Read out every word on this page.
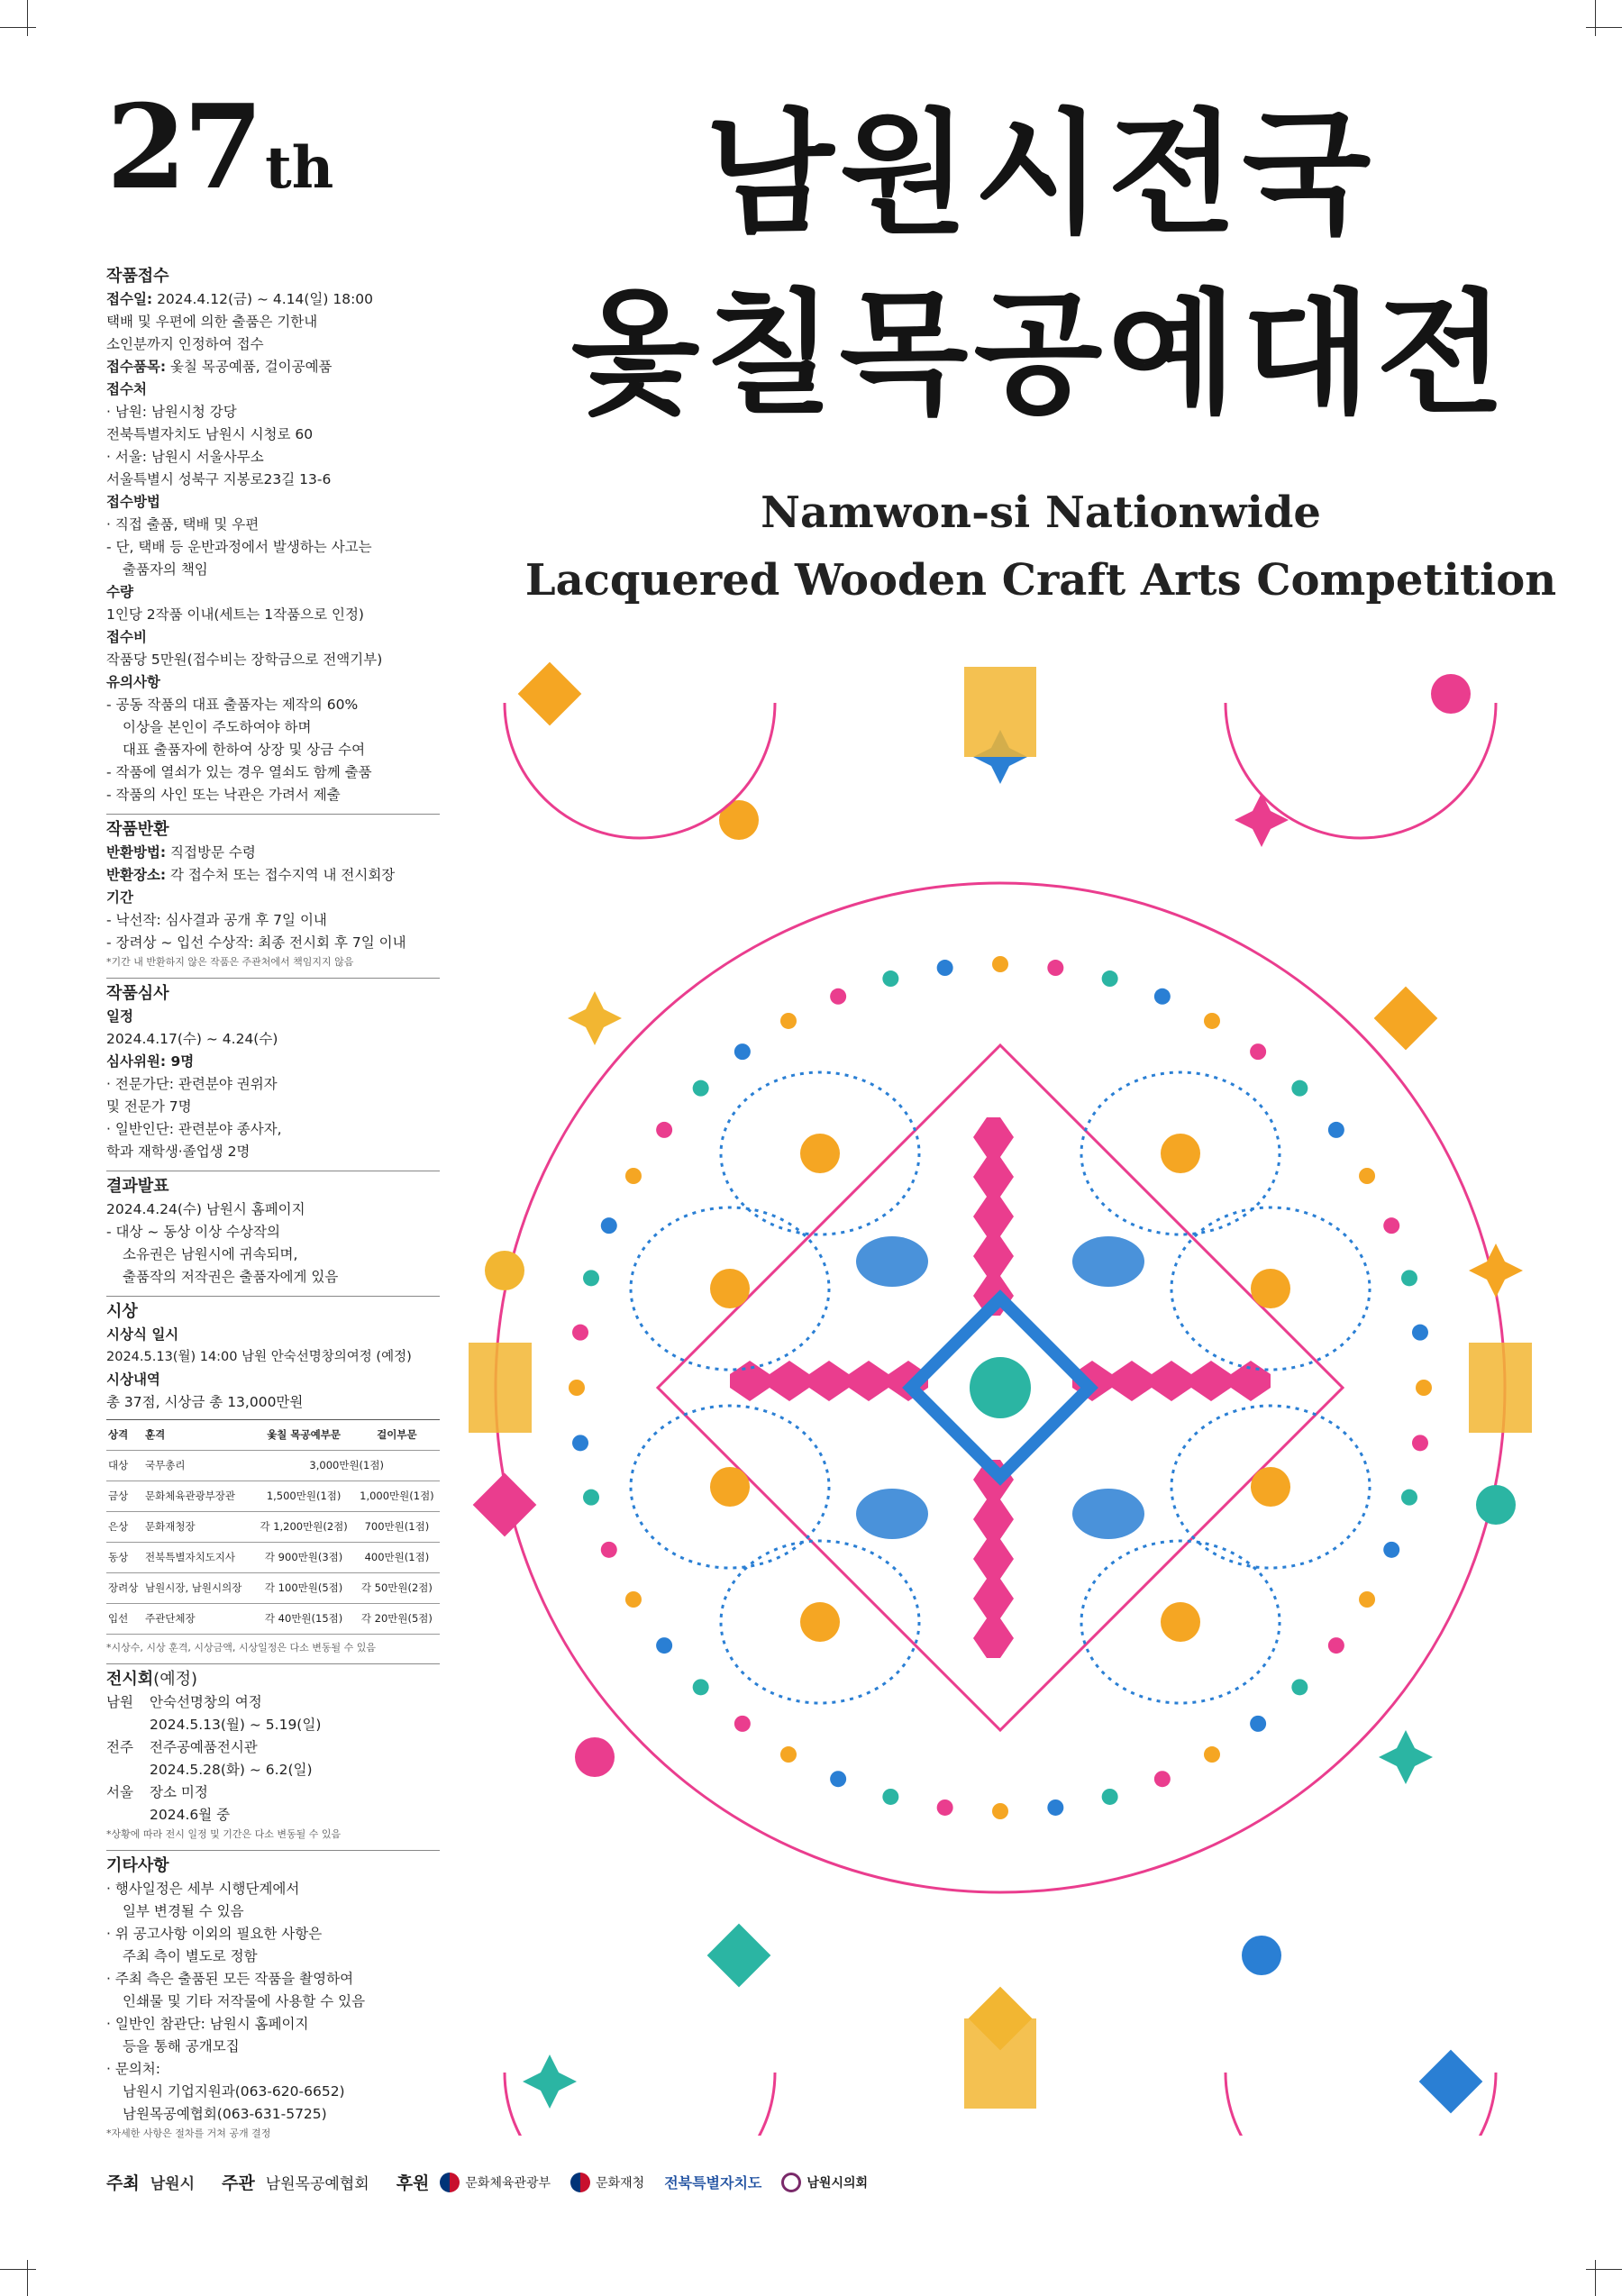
27th	남원시전국
옻칠목공예대전
Namwon-si Nationwide
Lacquered Wooden Craft Arts Competition
작품접수
접수일: 2024.4.12(금) ~ 4.14(일) 18:00
택배 및 우편에 의한 출품은 기한내
소인분까지 인정하여 접수
접수품목: 옻칠 목공예품, 걸이공예품
접수처
· 남원: 남원시청 강당
전북특별자치도 남원시 시청로 60
· 서울: 남원시 서울사무소
서울특별시 성북구 지봉로23길 13-6
접수방법
· 직접 출품, 택배 및 우편
- 단, 택배 등 운반과정에서 발생하는 사고는
출품자의 책임
수량
1인당 2작품 이내(세트는 1작품으로 인정)
접수비
작품당 5만원(접수비는 장학금으로 전액기부)
유의사항
- 공동 작품의 대표 출품자는 제작의 60%
이상을 본인이 주도하여야 하며
대표 출품자에 한하여 상장 및 상금 수여
- 작품에 열쇠가 있는 경우 열쇠도 함께 출품
- 작품의 사인 또는 낙관은 가려서 제출
작품반환
반환방법: 직접방문 수령
반환장소: 각 접수처 또는 접수지역 내 전시회장
기간
- 낙선작: 심사결과 공개 후 7일 이내
- 장려상 ~ 입선 수상작: 최종 전시회 후 7일 이내
*기간 내 반환하지 않은 작품은 주관처에서 책임지지 않음
작품심사
일정
2024.4.17(수) ~ 4.24(수)
심사위원: 9명
· 전문가단: 관련분야 권위자
및 전문가 7명
· 일반인단: 관련분야 종사자,
학과 재학생·졸업생 2명
결과발표
2024.4.24(수) 남원시 홈페이지
- 대상 ~ 동상 이상 수상작의
소유권은 남원시에 귀속되며,
출품작의 저작권은 출품자에게 있음
시상
시상식 일시
2024.5.13(월) 14:00 남원 안숙선명창의여정 (예정)
시상내역
총 37점, 시상금 총 13,000만원
상격	훈격	옻칠 목공예부문	걸이부문
대상	국무총리	3,000만원(1점)	
금상	문화체육관광부장관	1,500만원(1점)	1,000만원(1점)
은상	문화재청장	각 1,200만원(2점)	700만원(1점)
동상	전북특별자치도지사	각 900만원(3점)	400만원(1점)
장려상	남원시장, 남원시의장	각 100만원(5점)	각 50만원(2점)
입선	주관단체장	각 40만원(15점)	각 20만원(5점)
*시상수, 시상 훈격, 시상금액, 시상일정은 다소 변동될 수 있음
전시회(예정)
남원	안숙선명창의 여정
2024.5.13(월) ~ 5.19(일)
전주	전주공예품전시관
2024.5.28(화) ~ 6.2(일)
서울	장소 미정
2024.6월 중
*상황에 따라 전시 일정 및 기간은 다소 변동될 수 있음
기타사항
· 행사일정은 세부 시행단계에서
일부 변경될 수 있음
· 위 공고사항 이외의 필요한 사항은
주최 측이 별도로 정함
· 주최 측은 출품된 모든 작품을 촬영하여
인쇄물 및 기타 저작물에 사용할 수 있음
· 일반인 참관단: 남원시 홈페이지
등을 통해 공개모집
· 문의처:
남원시 기업지원과(063-620-6652)
남원목공예협회(063-631-5725)
*자세한 사항은 절차를 거쳐 공개 결정
주최 남원시 주관 남원목공예협회 후원	문화체육관광부	문화재청 전북특별자치도	남원시의회
